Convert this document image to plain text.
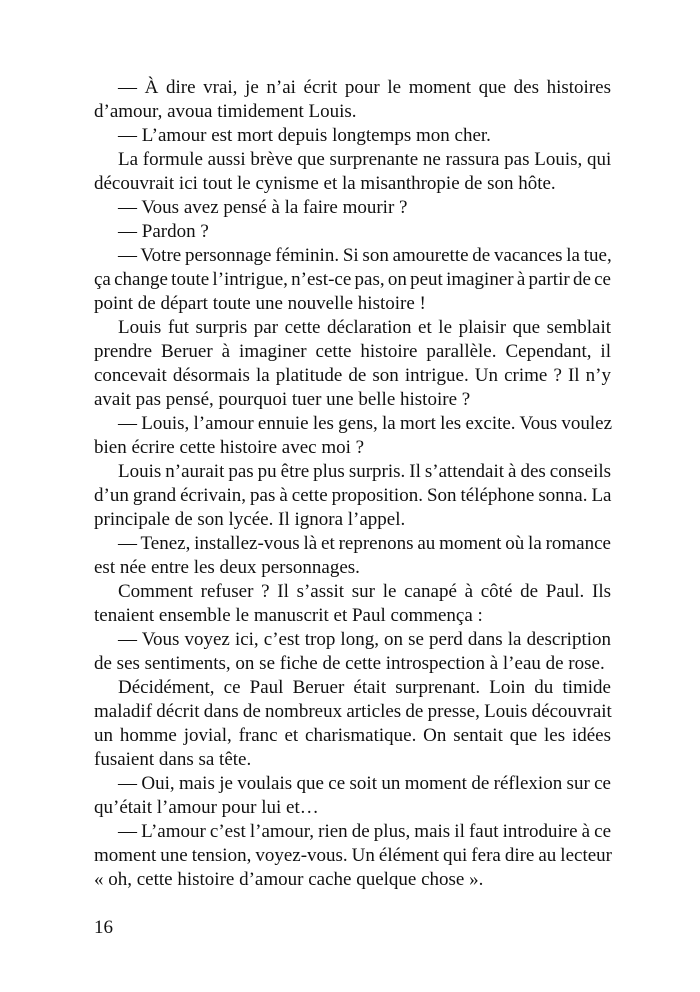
— À dire vrai, je n’ai écrit pour le moment que des histoires
d’amour, avoua timidement Louis.
— L’amour est mort depuis longtemps mon cher.
La formule aussi brève que surprenante ne rassura pas Louis, qui
découvrait ici tout le cynisme et la misanthropie de son hôte.
— Vous avez pensé à la faire mourir ?
— Pardon ?
— Votre personnage féminin. Si son amourette de vacances la tue,
ça change toute l’intrigue, n’est-ce pas, on peut imaginer à partir de ce
point de départ toute une nouvelle histoire !
Louis fut surpris par cette déclaration et le plaisir que semblait
prendre Beruer à imaginer cette histoire parallèle. Cependant, il
concevait désormais la platitude de son intrigue. Un crime ? Il n’y
avait pas pensé, pourquoi tuer une belle histoire ?
— Louis, l’amour ennuie les gens, la mort les excite. Vous voulez
bien écrire cette histoire avec moi ?
Louis n’aurait pas pu être plus surpris. Il s’attendait à des conseils
d’un grand écrivain, pas à cette proposition. Son téléphone sonna. La
principale de son lycée. Il ignora l’appel.
— Tenez, installez-vous là et reprenons au moment où la romance
est née entre les deux personnages.
Comment refuser ? Il s’assit sur le canapé à côté de Paul. Ils
tenaient ensemble le manuscrit et Paul commença :
— Vous voyez ici, c’est trop long, on se perd dans la description
de ses sentiments, on se fiche de cette introspection à l’eau de rose.
Décidément, ce Paul Beruer était surprenant. Loin du timide
maladif décrit dans de nombreux articles de presse, Louis découvrait
un homme jovial, franc et charismatique. On sentait que les idées
fusaient dans sa tête.
— Oui, mais je voulais que ce soit un moment de réflexion sur ce
qu’était l’amour pour lui et…
— L’amour c’est l’amour, rien de plus, mais il faut introduire à ce
moment une tension, voyez-vous. Un élément qui fera dire au lecteur
« oh, cette histoire d’amour cache quelque chose ».
16
